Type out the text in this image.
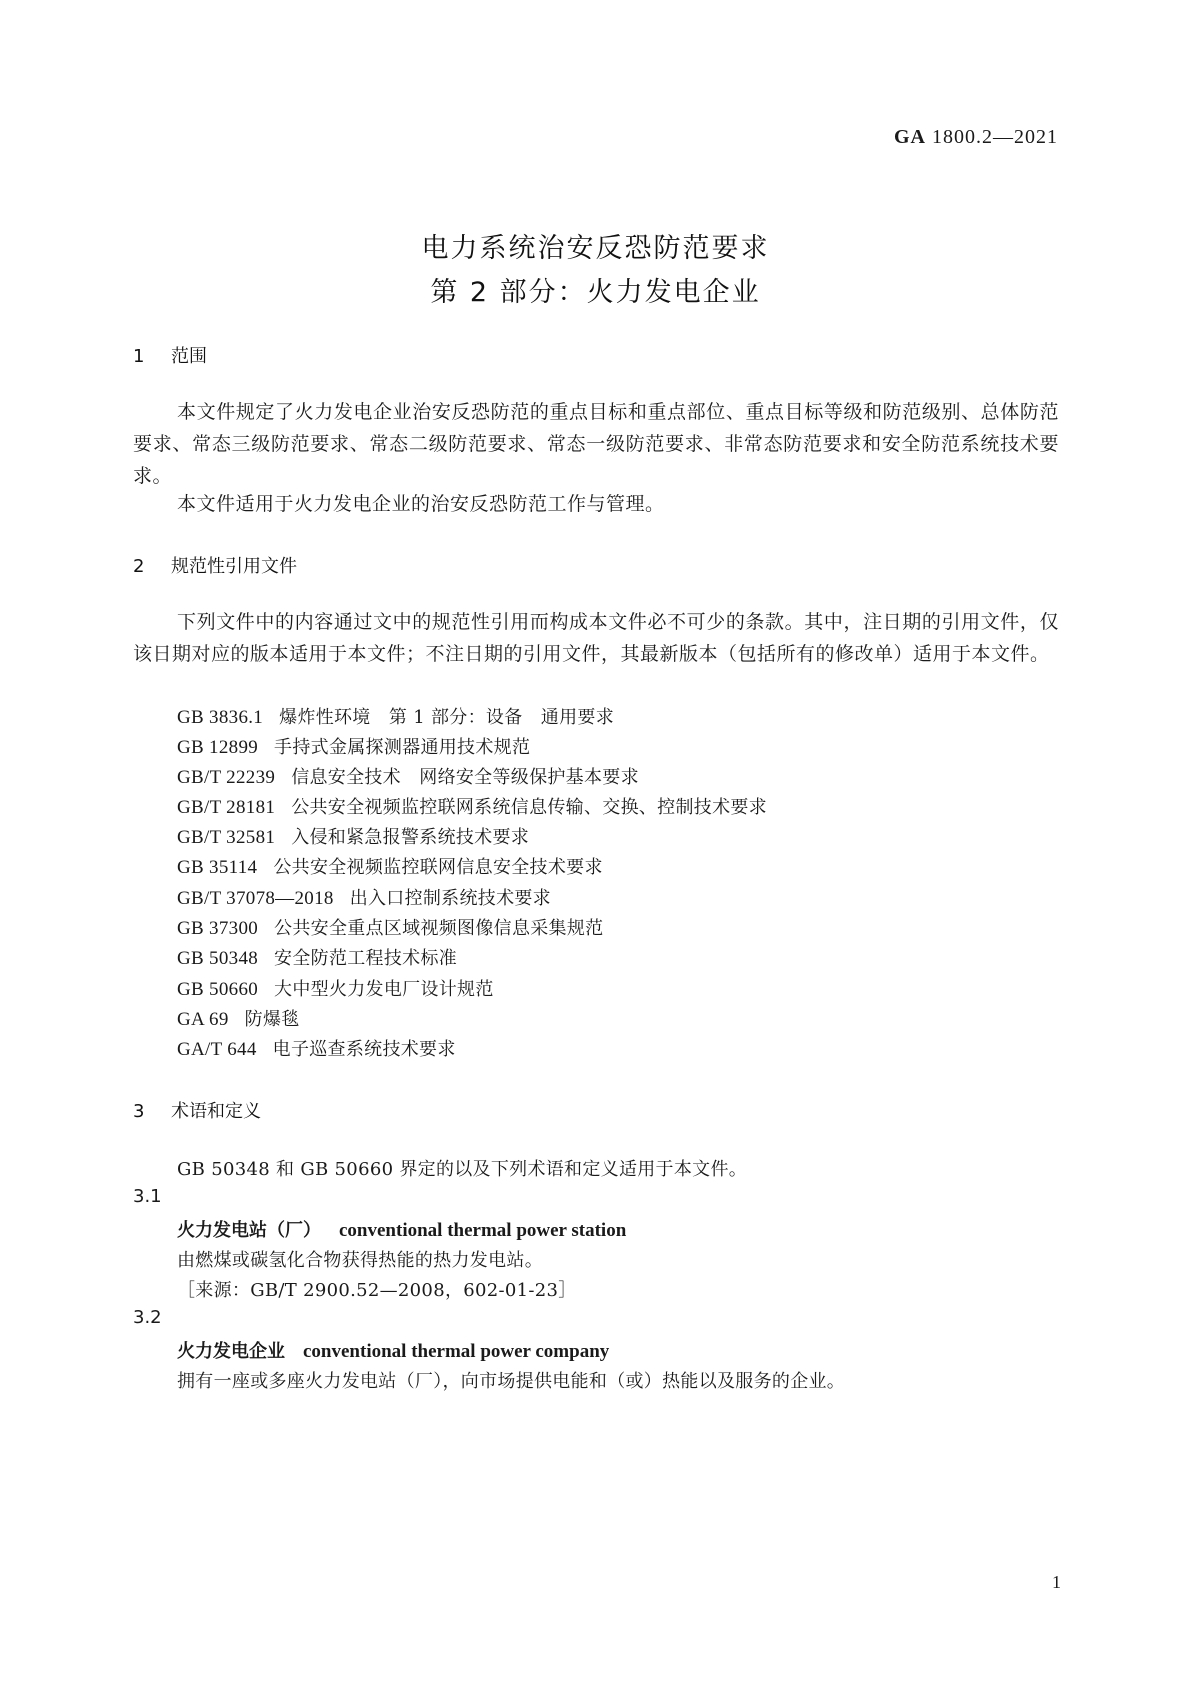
GA 1800.2—2021
电力系统治安反恐防范要求
第 2 部分：火力发电企业
1 范围
本文件规定了火力发电企业治安反恐防范的重点目标和重点部位、重点目标等级和防范级别、总体防范要求、常态三级防范要求、常态二级防范要求、常态一级防范要求、非常态防范要求和安全防范系统技术要求。
本文件适用于火力发电企业的治安反恐防范工作与管理。
2 规范性引用文件
下列文件中的内容通过文中的规范性引用而构成本文件必不可少的条款。其中，注日期的引用文件，仅该日期对应的版本适用于本文件；不注日期的引用文件，其最新版本（包括所有的修改单）适用于本文件。
GB 3836.1 爆炸性环境　第 1 部分：设备　通用要求
GB 12899 手持式金属探测器通用技术规范
GB/T 22239 信息安全技术　网络安全等级保护基本要求
GB/T 28181 公共安全视频监控联网系统信息传输、交换、控制技术要求
GB/T 32581 入侵和紧急报警系统技术要求
GB 35114 公共安全视频监控联网信息安全技术要求
GB/T 37078—2018 出入口控制系统技术要求
GB 37300 公共安全重点区域视频图像信息采集规范
GB 50348 安全防范工程技术标准
GB 50660 大中型火力发电厂设计规范
GA 69 防爆毯
GA/T 644 电子巡查系统技术要求
3 术语和定义
GB 50348 和 GB 50660 界定的以及下列术语和定义适用于本文件。
3.1
火力发电站（厂） conventional thermal power station
由燃煤或碳氢化合物获得热能的热力发电站。
［来源：GB/T 2900.52—2008，602-01-23］
3.2
火力发电企业 conventional thermal power company
拥有一座或多座火力发电站（厂），向市场提供电能和（或）热能以及服务的企业。
1
